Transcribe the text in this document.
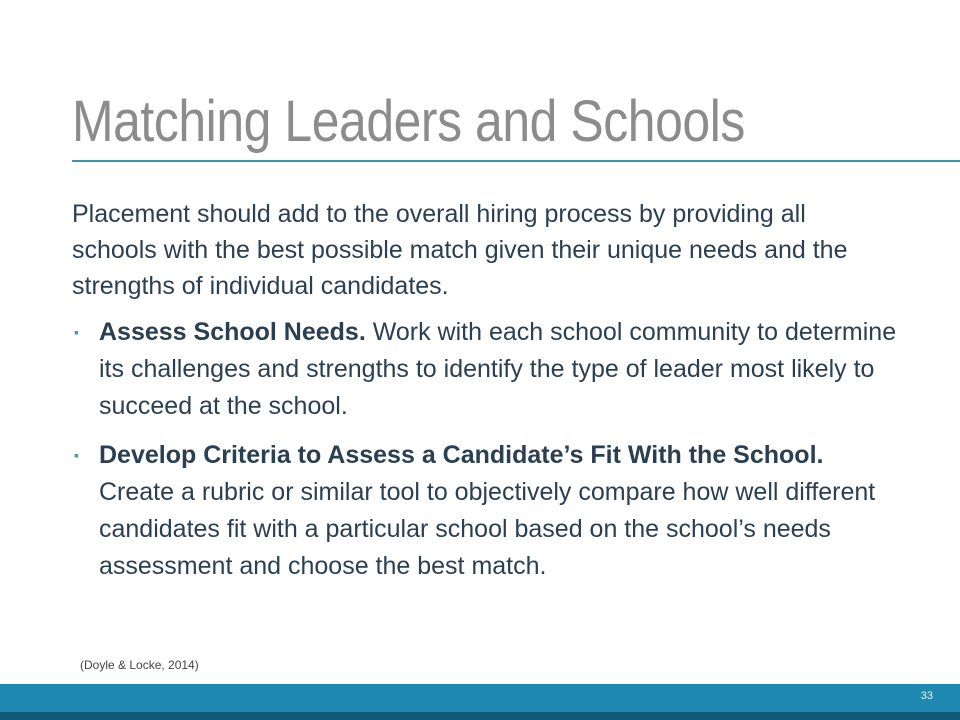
Matching Leaders and Schools

Placement should add to the overall hiring process by providing all schools with the best possible match given their unique needs and the strengths of individual candidates.

▪ Assess School Needs. Work with each school community to determine its challenges and strengths to identify the type of leader most likely to succeed at the school.
▪ Develop Criteria to Assess a Candidate’s Fit With the School. Create a rubric or similar tool to objectively compare how well different candidates fit with a particular school based on the school’s needs assessment and choose the best match.
(Doyle & Locke, 2014)
33
